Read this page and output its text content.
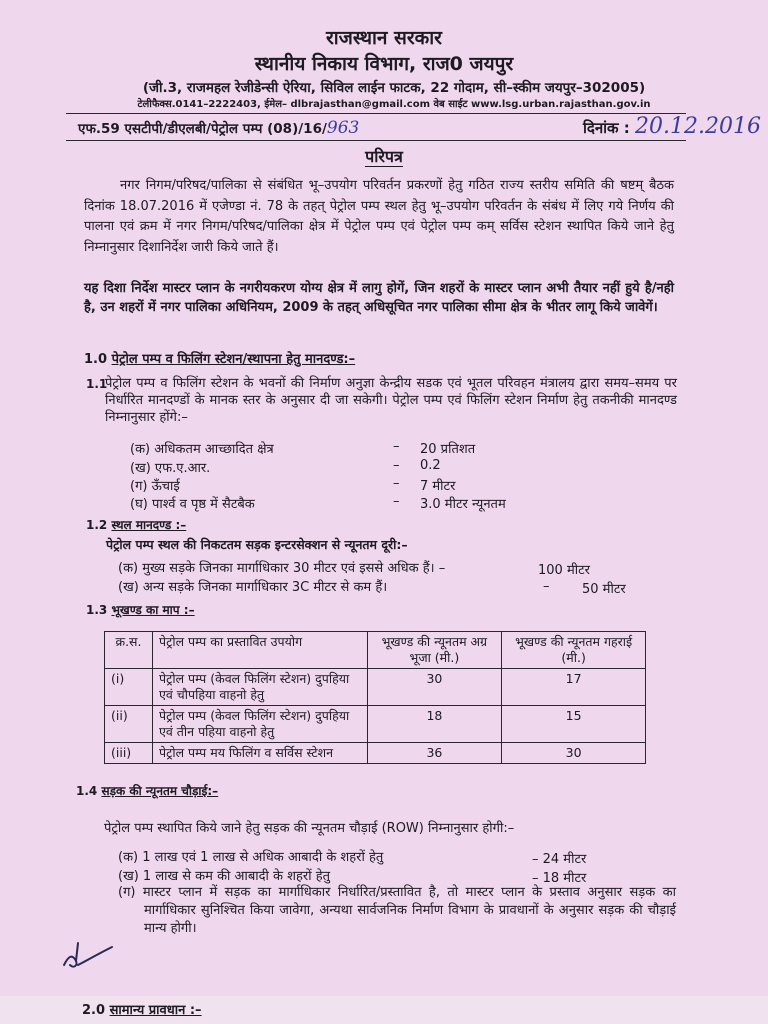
राजस्थान सरकार
स्थानीय निकाय विभाग, राज0 जयपुर
(जी.3, राजमहल रेजीडेन्सी ऐरिया, सिविल लाईन फाटक, 22 गोदाम, सी–स्कीम जयपुर–302005)
टेलीफैक्स.0141–2222403, ईमेल– dlbrajasthan@gmail.com वेब साईट www.lsg.urban.rajasthan.gov.in
एफ.59 एसटीपी/डीएलबी/पेट्रोल पम्प (08)/16/963	दिनांक : 20.12.2016
परिपत्र
नगर निगम/परिषद/पालिका से संबंधित भू–उपयोग परिवर्तन प्रकरणों हेतु गठित राज्य स्तरीय समिति की षष्टम् बैठक दिनांक 18.07.2016 में एजेण्डा नं. 78 के तहत् पेट्रोल पम्प स्थल हेतु भू–उपयोग परिवर्तन के संबंध में लिए गये निर्णय की पालना एवं क्रम में नगर निगम/परिषद/पालिका क्षेत्र में पेट्रोल पम्प एवं पेट्रोल पम्प कम् सर्विस स्टेशन स्थापित किये जाने हेतु निम्नानुसार दिशानिर्देश जारी किये जाते हैं।
यह दिशा निर्देश मास्टर प्लान के नगरीयकरण योग्य क्षेत्र में लागु होगें, जिन शहरों के मास्टर प्लान अभी तैयार नहीं हुये है/नही है, उन शहरों में नगर पालिका अधिनियम, 2009 के तहत् अधिसूचित नगर पालिका सीमा क्षेत्र के भीतर लागू किये जावेगें।
1.0 पेट्रोल पम्प व फिलिंग स्टेशन/स्थापना हेतु मानदण्ड:–
1.1
पेट्रोल पम्प व फिलिंग स्टेशन के भवनों की निर्माण अनुज्ञा केन्द्रीय सडक एवं भूतल परिवहन मंत्रालय द्वारा समय–समय पर निर्धारित मानदण्डों के मानक स्तर के अनुसार दी जा सकेगी। पेट्रोल पम्प एवं फिलिंग स्टेशन निर्माण हेतु तकनीकी मानदण्ड निम्नानुसार होंगे:–
(क) अधिकतम आच्छादित क्षेत्र	– 20 प्रतिशत
(ख) एफ.ए.आर.	– 0.2
(ग) ऊँचाई	– 7 मीटर
(घ) पार्श्व व पृष्ठ में सैटबैक	– 3.0 मीटर न्यूनतम
1.2 स्थल मानदण्ड :–
पेट्रोल पम्प स्थल की निकटतम सड़क इन्टरसेक्शन से न्यूनतम दूरी:–
(क) मुख्य सड़के जिनका मार्गाधिकार 30 मीटर एवं इससे अधिक हैं। –	100 मीटर
(ख) अन्य सड़के जिनका मार्गाधिकार 3C मीटर से कम हैं।	–	50 मीटर
1.3 भूखण्ड का माप :–
क्र.स.	पेट्रोल पम्प का प्रस्तावित उपयोग	भूखण्ड की न्यूनतम अग्र भूजा (मी.)	भूखण्ड की न्यूनतम गहराई (मी.)
(i)	पेट्रोल पम्प (केवल फिलिंग स्टेशन) दुपहिया एवं चौपहिया वाहनो हेतु	30	17
(ii)	पेट्रोल पम्प (केवल फिलिंग स्टेशन) दुपहिया एवं तीन पहिया वाहनो हेतु	18	15
(iii)	पेट्रोल पम्प मय फिलिंग व सर्विस स्टेशन	36	30
1.4 सड़क की न्यूनतम चौड़ाई:–
पेट्रोल पम्प स्थापित किये जाने हेतु सड़क की न्यूनतम चौड़ाई (ROW) निम्नानुसार होगी:–
(क) 1 लाख एवं 1 लाख से अधिक आबादी के शहरों हेतु	– 24 मीटर
(ख) 1 लाख से कम की आबादी के शहरों हेतु	– 18 मीटर
(ग) मास्टर प्लान में सड़क का मार्गाधिकार निर्धारित/प्रस्तावित है, तो मास्टर प्लान के प्रस्ताव अनुसार सड़क का मार्गाधिकार सुनिश्चित किया जावेगा, अन्यथा सार्वजनिक निर्माण विभाग के प्रावधानों के अनुसार सड़क की चौड़ाई मान्य होगी।
2.0 सामान्य प्रावधान :–
